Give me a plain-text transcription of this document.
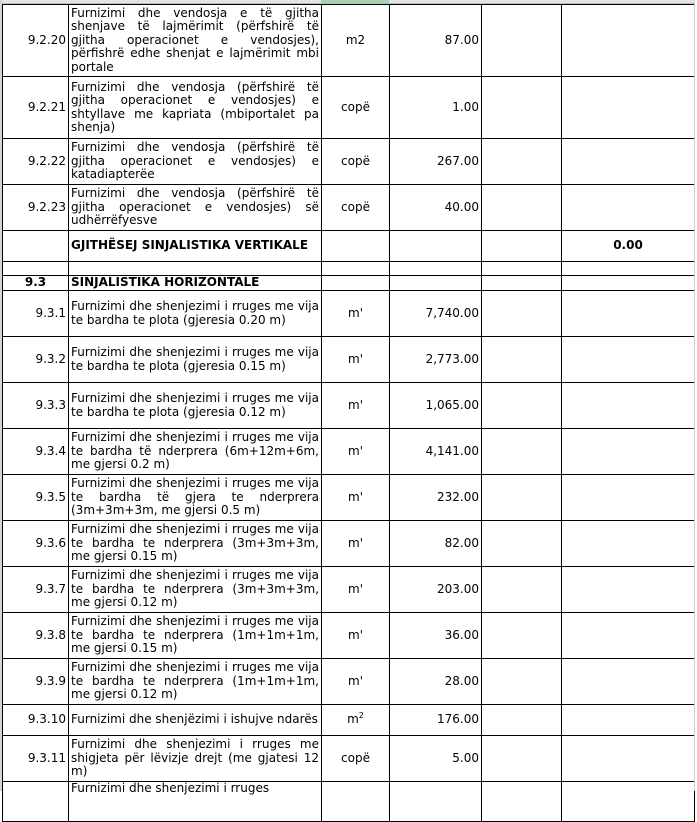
9.2.20	Furnizimi dhe vendosja e të gjitha shenjave të lajmërimit (përfshirë të gjitha operacionet e vendosjes), përfishrë edhe shenjat e lajmërimit mbi portale	m2	87.00		
9.2.21	Furnizimi dhe vendosja (përfshirë të gjitha operacionet e vendosjes) e shtyllave me kapriata (mbiportalet pa shenja)	copë	1.00		
9.2.22	Furnizimi dhe vendosja (përfshirë të gjitha operacionet e vendosjes) e katadiapterëe	copë	267.00		
9.2.23	Furnizimi dhe vendosja (përfshirë të gjitha operacionet e vendosjes) së udhërrëfyesve	copë	40.00		
	GJITHËSEJ SINJALISTIKA VERTIKALE				0.00

9.3	SINJALISTIKA HORIZONTALE				
9.3.1	Furnizimi dhe shenjezimi i rruges me vija te bardha te plota (gjeresia 0.20 m)	m'	7,740.00		
9.3.2	Furnizimi dhe shenjezimi i rruges me vija te bardha te plota (gjeresia 0.15 m)	m'	2,773.00		
9.3.3	Furnizimi dhe shenjezimi i rruges me vija te bardha te plota (gjeresia 0.12 m)	m'	1,065.00		
9.3.4	Furnizimi dhe shenjezimi i rruges me vija te bardha të nderprera (6m+12m+6m, me gjersi 0.2 m)	m'	4,141.00		
9.3.5	Furnizimi dhe shenjezimi i rruges me vija te bardha të gjera te nderprera (3m+3m+3m, me gjersi 0.5 m)	m'	232.00		
9.3.6	Furnizimi dhe shenjezimi i rruges me vija te bardha te nderprera (3m+3m+3m, me gjersi 0.15 m)	m'	82.00		
9.3.7	Furnizimi dhe shenjezimi i rruges me vija te bardha te nderprera (3m+3m+3m, me gjersi 0.12 m)	m'	203.00		
9.3.8	Furnizimi dhe shenjezimi i rruges me vija te bardha te nderprera (1m+1m+1m, me gjersi 0.15 m)	m'	36.00		
9.3.9	Furnizimi dhe shenjezimi i rruges me vija te bardha te nderprera (1m+1m+1m, me gjersi 0.12 m)	m'	28.00		
9.3.10	Furnizimi dhe shenjëzimi i ishujve ndarës	$m^2$	176.00		
9.3.11	Furnizimi dhe shenjezimi i rruges me shigjeta për lëvizje drejt (me gjatesi 12 m)	copë	5.00		
	Furnizimi dhe shenjezimi i rruges				
